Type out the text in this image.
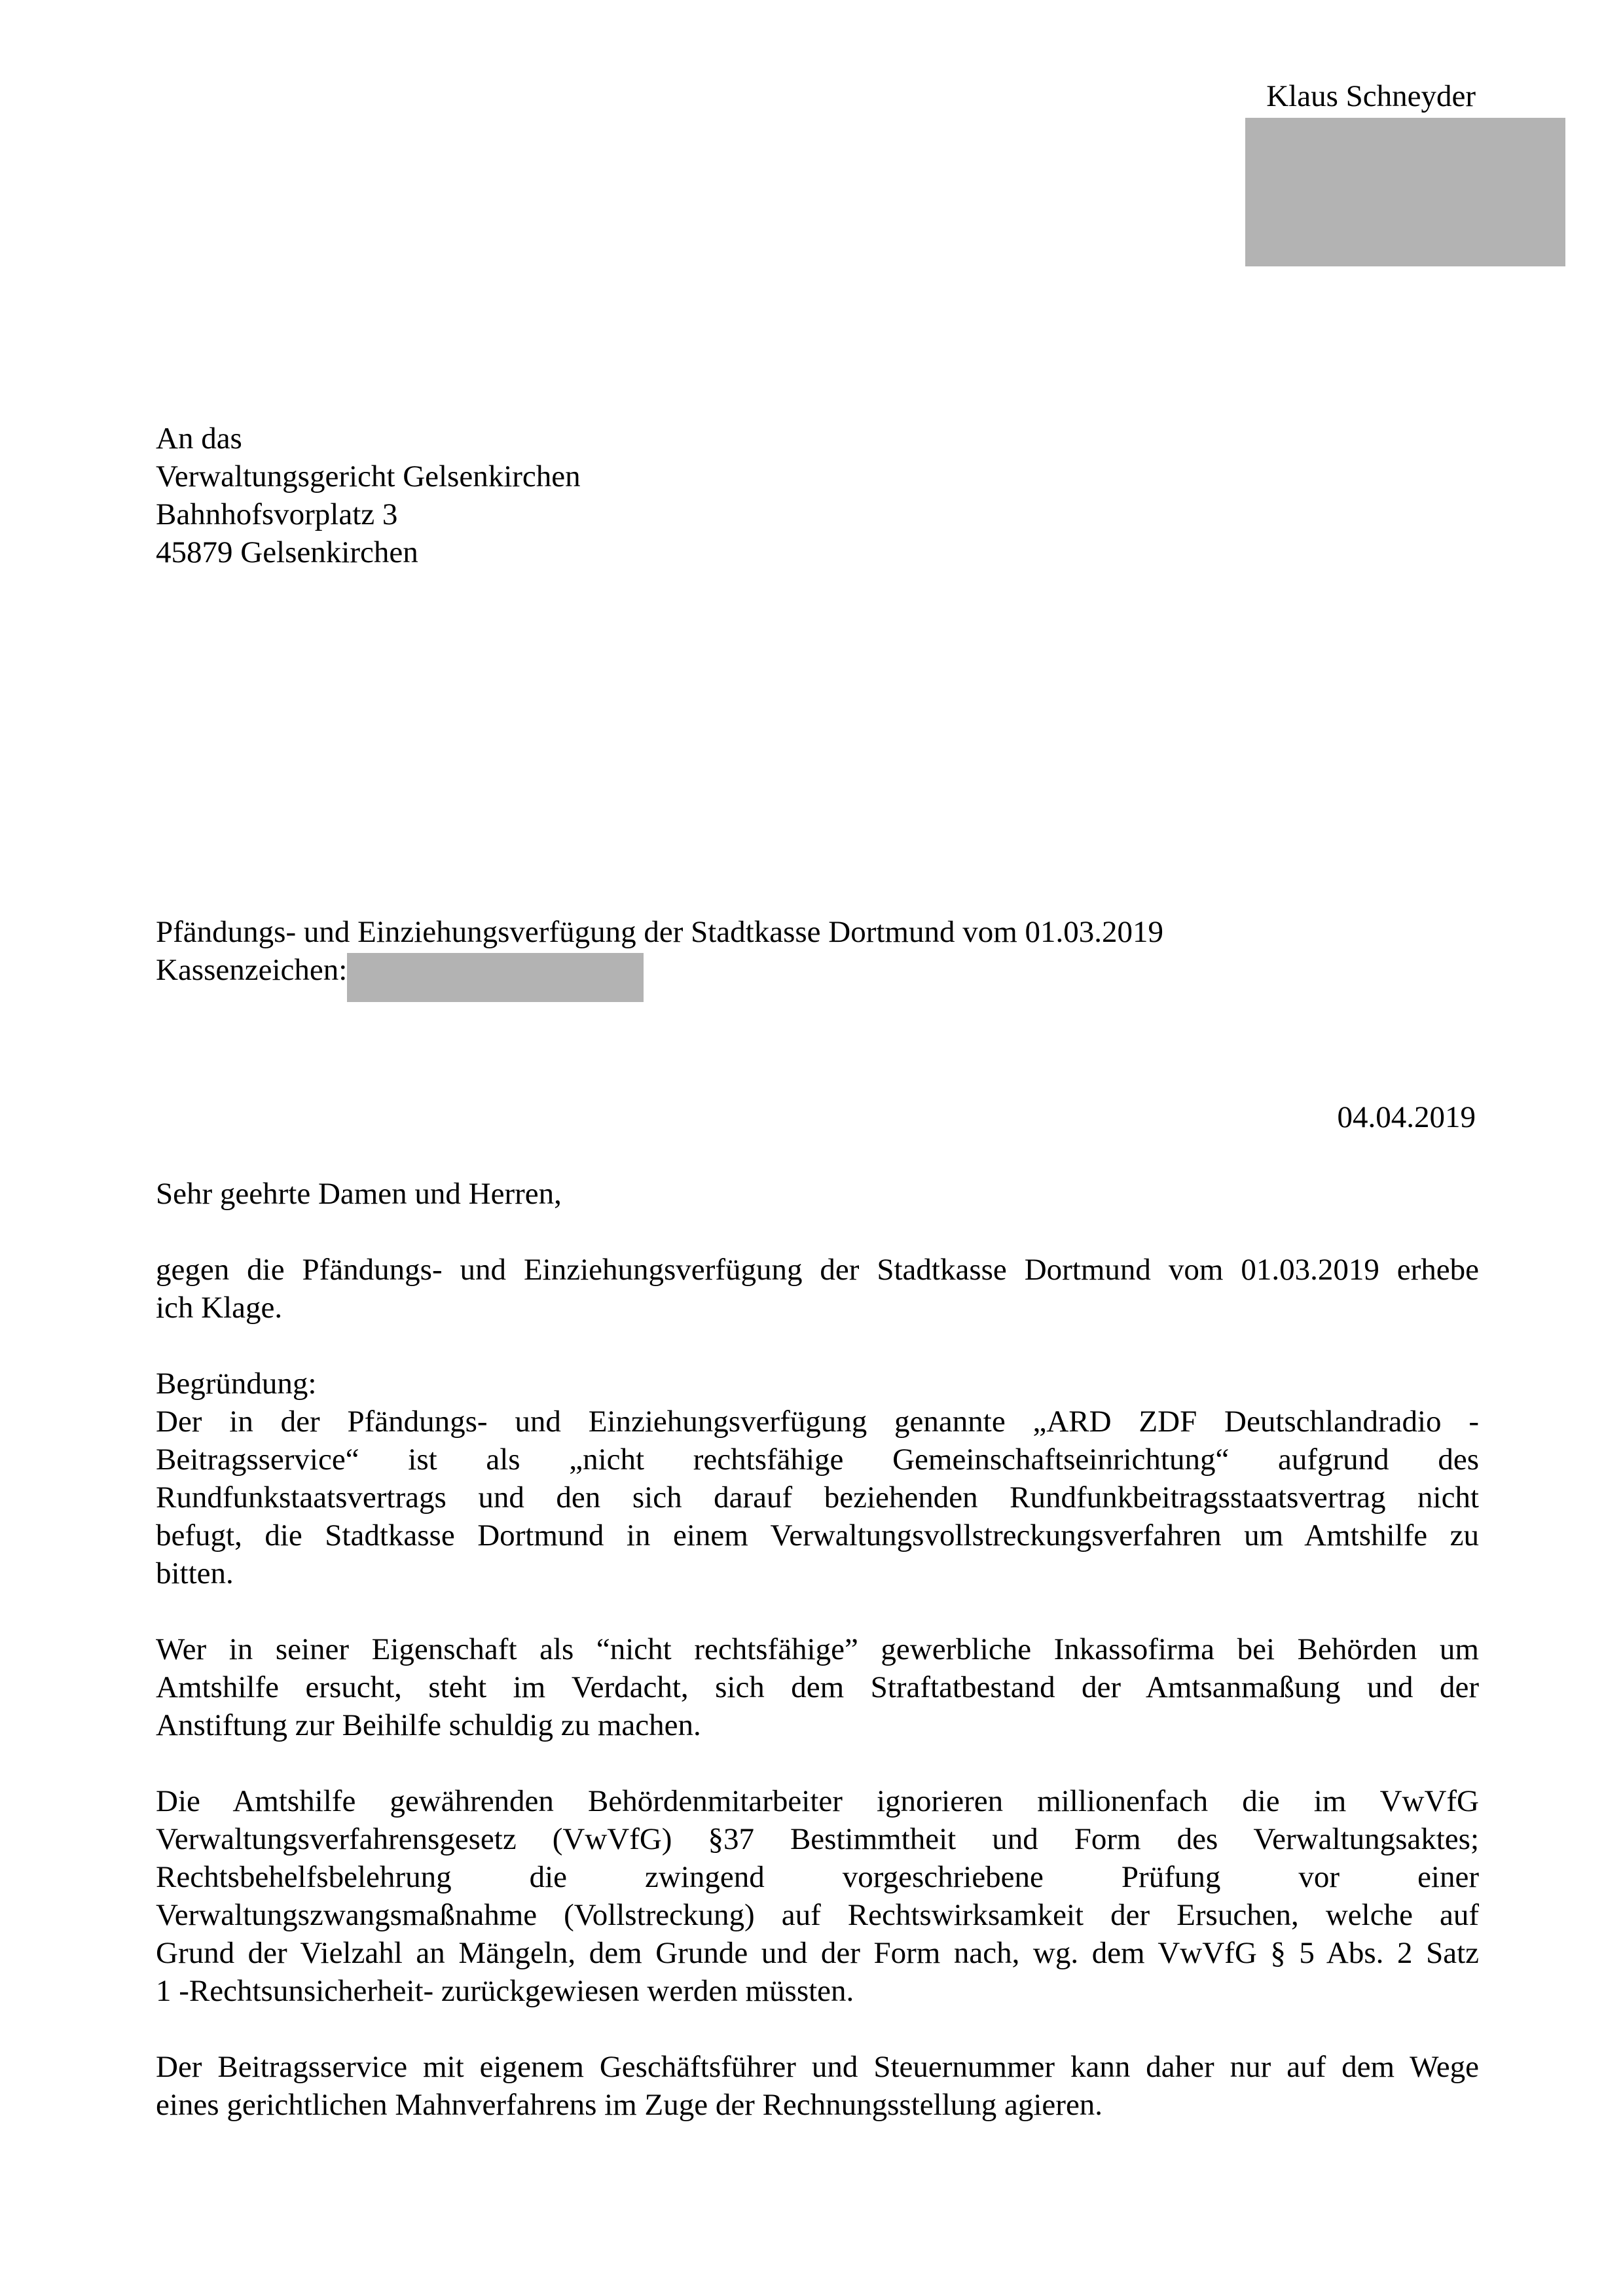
Klaus Schneyder
An das
Verwaltungsgericht Gelsenkirchen
Bahnhofsvorplatz 3
45879 Gelsenkirchen
Pfändungs- und Einziehungsverfügung der Stadtkasse Dortmund vom 01.03.2019
Kassenzeichen:
04.04.2019
Sehr geehrte Damen und Herren,
gegen die Pfändungs- und Einziehungsverfügung der Stadtkasse Dortmund vom 01.03.2019 erhebe
ich Klage.
Begründung:
Der in der Pfändungs- und Einziehungsverfügung genannte „ARD ZDF Deutschlandradio -
Beitragsservice“ ist als „nicht rechtsfähige Gemeinschaftseinrichtung“ aufgrund des
Rundfunkstaatsvertrags und den sich darauf beziehenden Rundfunkbeitragsstaatsvertrag nicht
befugt, die Stadtkasse Dortmund in einem Verwaltungsvollstreckungsverfahren um Amtshilfe zu
bitten.
Wer in seiner Eigenschaft als “nicht rechtsfähige” gewerbliche Inkassofirma bei Behörden um
Amtshilfe ersucht, steht im Verdacht, sich dem Straftatbestand der Amtsanmaßung und der
Anstiftung zur Beihilfe schuldig zu machen.
Die Amtshilfe gewährenden Behördenmitarbeiter ignorieren millionenfach die im VwVfG
Verwaltungsverfahrensgesetz (VwVfG) §37 Bestimmtheit und Form des Verwaltungsaktes;
Rechtsbehelfsbelehrung die zwingend vorgeschriebene Prüfung vor einer
Verwaltungszwangsmaßnahme (Vollstreckung) auf Rechtswirksamkeit der Ersuchen, welche auf
Grund der Vielzahl an Mängeln, dem Grunde und der Form nach, wg. dem VwVfG § 5 Abs. 2 Satz
1 -Rechtsunsicherheit- zurückgewiesen werden müssten.
Der Beitragsservice mit eigenem Geschäftsführer und Steuernummer kann daher nur auf dem Wege
eines gerichtlichen Mahnverfahrens im Zuge der Rechnungsstellung agieren.
